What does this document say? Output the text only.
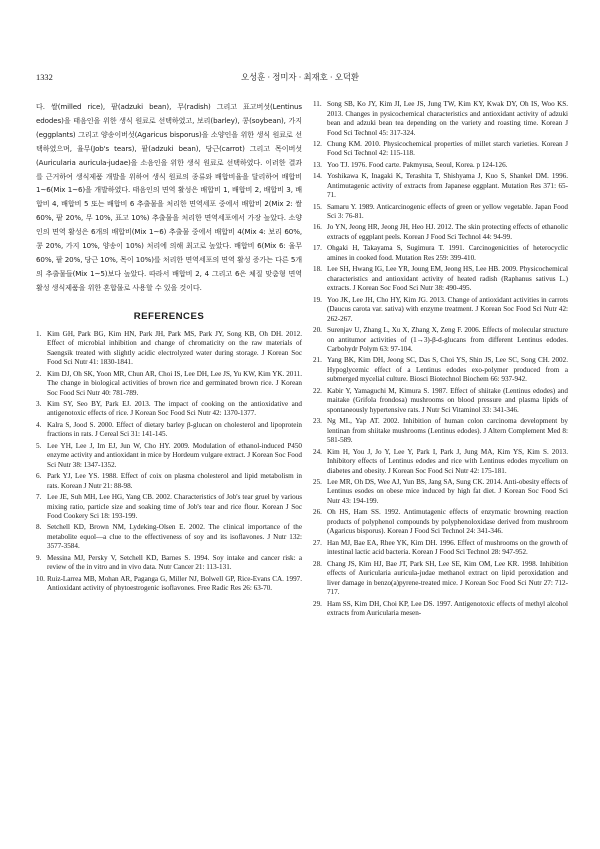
1332	오성훈 · 정미자 · 최재호 · 오덕환

다. 쌀(milled rice), 팥(adzuki bean), 무(radish) 그리고 표고버섯(Lentinus edodes)을 태음인을 위한 생식 원료로 선택하였고, 보리(barley), 콩(soybean), 가지(eggplants) 그리고 양송이버섯(Agaricus bisporus)을 소양인을 위한 생식 원료로 선택하였으며, 율무(Job's tears), 팥(adzuki bean), 당근(carrot) 그리고 목이버섯(Auricularia auricula-judae)을 소음인을 위한 생식 원료로 선택하였다. 이러한 결과를 근거하여 생식제품 개발을 위하여 생식 원료의 종류와 배합비율을 달리하여 배합비 1~6(Mix 1~6)을 개발하였다. 태음인의 면역 활성은 배합비 1, 배합비 2, 배합비 3, 배합비 4, 배합비 5 또는 배합비 6 추출물을 처리한 면역세포 중에서 배합비 2(Mix 2: 쌀 60%, 팥 20%, 무 10%, 표고 10%) 추출물을 처리한 면역세포에서 가장 높았다. 소양인의 면역 활성은 6개의 배합비(Mix 1~6) 추출물 중에서 배합비 4(Mix 4: 보리 60%, 콩 20%, 가지 10%, 양송이 10%) 처리에 의해 최고로 높았다. 배합비 6(Mix 6: 율무 60%, 팥 20%, 당근 10%, 목이 10%)를 처리한 면역세포의 면역 활성 증가는 다른 5개의 추출물들(Mix 1~5)보다 높았다. 따라서 배합비 2, 4 그리고 6은 체질 맞춤형 면역 활성 생식제품을 위한 혼합물로 사용할 수 있을 것이다.

REFERENCES
1. Kim GH, Park BG, Kim HN, Park JH, Park MS, Park JY, Song KB, Oh DH. 2012. Effect of microbial inhibition and change of chromaticity on the raw materials of Saengsik treated with slightly acidic electrolyzed water during storage. J Korean Soc Food Sci Nutr 41: 1830-1841.
2. Kim DJ, Oh SK, Yoon MR, Chun AR, Choi IS, Lee DH, Lee JS, Yu KW, Kim YK. 2011. The change in biological activities of brown rice and germinated brown rice. J Korean Soc Food Sci Nutr 40: 781-789.
3. Kim SY, Seo BY, Park EJ. 2013. The impact of cooking on the antioxidative and antigenotoxic effects of rice. J Korean Soc Food Sci Nutr 42: 1370-1377.
4. Kalra S, Jood S. 2000. Effect of dietary barley β-glucan on cholesterol and lipoprotein fractions in rats. J Cereal Sci 31: 141-145.
5. Lee YH, Lee J, Im EJ, Jun W, Cho HY. 2009. Modulation of ethanol-induced P450 enzyme activity and antioxidant in mice by Hordeum vulgare extract. J Korean Soc Food Sci Nutr 38: 1347-1352.
6. Park YJ, Lee YS. 1988. Effect of coix on plasma cholesterol and lipid metabolism in rats. Korean J Nutr 21: 88-98.
7. Lee JE, Suh MH, Lee HG, Yang CB. 2002. Characteristics of Job's tear gruel by various mixing ratio, particle size and soaking time of Job's tear and rice flour. Korean J Soc Food Cookery Sci 18: 193-199.
8. Setchell KD, Brown NM, Lydeking-Olsen E. 2002. The clinical importance of the metabolite equol—a clue to the effectiveness of soy and its isoflavones. J Nutr 132: 3577-3584.
9. Messina MJ, Persky V, Setchell KD, Barnes S. 1994. Soy intake and cancer risk: a review of the in vitro and in vivo data. Nutr Cancer 21: 113-131.
10. Ruiz-Larrea MB, Mohan AR, Paganga G, Miller NJ, Bolwell GP, Rice-Evans CA. 1997. Antioxidant activity of phytoestrogenic isoflavones. Free Radic Res 26: 63-70.
11. Song SB, Ko JY, Kim JI, Lee JS, Jung TW, Kim KY, Kwak DY, Oh IS, Woo KS. 2013. Changes in pysicochemical characteristics and antioxidant activity of adzuki bean and adzuki bean tea depending on the variety and roasting time. Korean J Food Sci Technol 45: 317-324.
12. Chung KM. 2010. Physicochemical properties of millet starch varieties. Korean J Food Sci Technol 42: 115-118.
13. Yoo TJ. 1976. Food carte. Pakmyusa, Seoul, Korea. p 124-126.
14. Yoshikawa K, Inagaki K, Terashita T, Shishyama J, Kuo S, Shankel DM. 1996. Antimutagenic activity of extracts from Japanese eggplant. Mutation Res 371: 65-71.
15. Samaru Y. 1989. Anticarcinogenic effects of green or yellow vegetable. Japan Food Sci 3: 76-81.
16. Jo YN, Jeong HR, Jeong JH, Heo HJ. 2012. The skin protecting effects of ethanolic extracts of eggplant peels. Korean J Food Sci Technol 44: 94-99.
17. Ohgaki H, Takayama S, Sugimura T. 1991. Carcinogenicities of heterocyclic amines in cooked food. Mutation Res 259: 399-410.
18. Lee SH, Hwang IG, Lee YR, Joung EM, Jeong HS, Lee HB. 2009. Physicochemical characteristics and antioxidant activity of heated radish (Raphanus sativus L.) extracts. J Korean Soc Food Sci Nutr 38: 490-495.
19. Yoo JK, Lee JH, Cho HY, Kim JG. 2013. Change of antioxidant activities in carrots (Daucus carota var. sativa) with enzyme treatment. J Korean Soc Food Sci Nutr 42: 262-267.
20. Surenjav U, Zhang L, Xu X, Zhang X, Zeng F. 2006. Effects of molecular structure on antitumor activities of (1→3)-β-d-glucans from different Lentinus edodes. Carbohydr Polym 63: 97-104.
21. Yang BK, Kim DH, Jeong SC, Das S, Choi YS, Shin JS, Lee SC, Song CH. 2002. Hypoglycemic effect of a Lentinus edodes exo-polymer produced from a submerged mycelial culture. Biosci Biotechnol Biochem 66: 937-942.
22. Kabir Y, Yamaguchi M, Kimura S. 1987. Effect of shiitake (Lentinus edodes) and maitake (Grifola frondosa) mushrooms on blood pressure and plasma lipids of spontaneously hypertensive rats. J Nutr Sci Vitaminol 33: 341-346.
23. Ng ML, Yap AT. 2002. Inhibition of human colon carcinoma development by lentinan from shiitake mushrooms (Lentinus edodes). J Altern Complement Med 8: 581-589.
24. Kim H, You J, Jo Y, Lee Y, Park I, Park J, Jung MA, Kim YS, Kim S. 2013. Inhibitory effects of Lentinus edodes and rice with Lentinus edodes mycelium on diabetes and obesity. J Korean Soc Food Sci Nutr 42: 175-181.
25. Lee MR, Oh DS, Wee AJ, Yun BS, Jang SA, Sung CK. 2014. Anti-obesity effects of Lentinus esodes on obese mice induced by high fat diet. J Korean Soc Food Sci Nutr 43: 194-199.
26. Oh HS, Ham SS. 1992. Antimutagenic effects of enzymatic browning reaction products of polyphenol compounds by polyphenoloxidase derived from mushroom (Agaricus bisporus). Korean J Food Sci Technol 24: 341-346.
27. Han MJ, Bae EA, Rhee YK, Kim DH. 1996. Effect of mushrooms on the growth of intestinal lactic acid bacteria. Korean J Food Sci Technol 28: 947-952.
28. Chang JS, Kim HJ, Bae JT, Park SH, Lee SE, Kim OM, Lee KR. 1998. Inhibition effects of Auricularia auricula-judae methanol extract on lipid peroxidation and liver damage in benzo(a)pyrene-treated mice. J Korean Soc Food Sci Nutr 27: 712-717.
29. Ham SS, Kim DH, Choi KP, Lee DS. 1997. Antigenotoxic effects of methyl alcohol extracts from Auricularia mesen-
